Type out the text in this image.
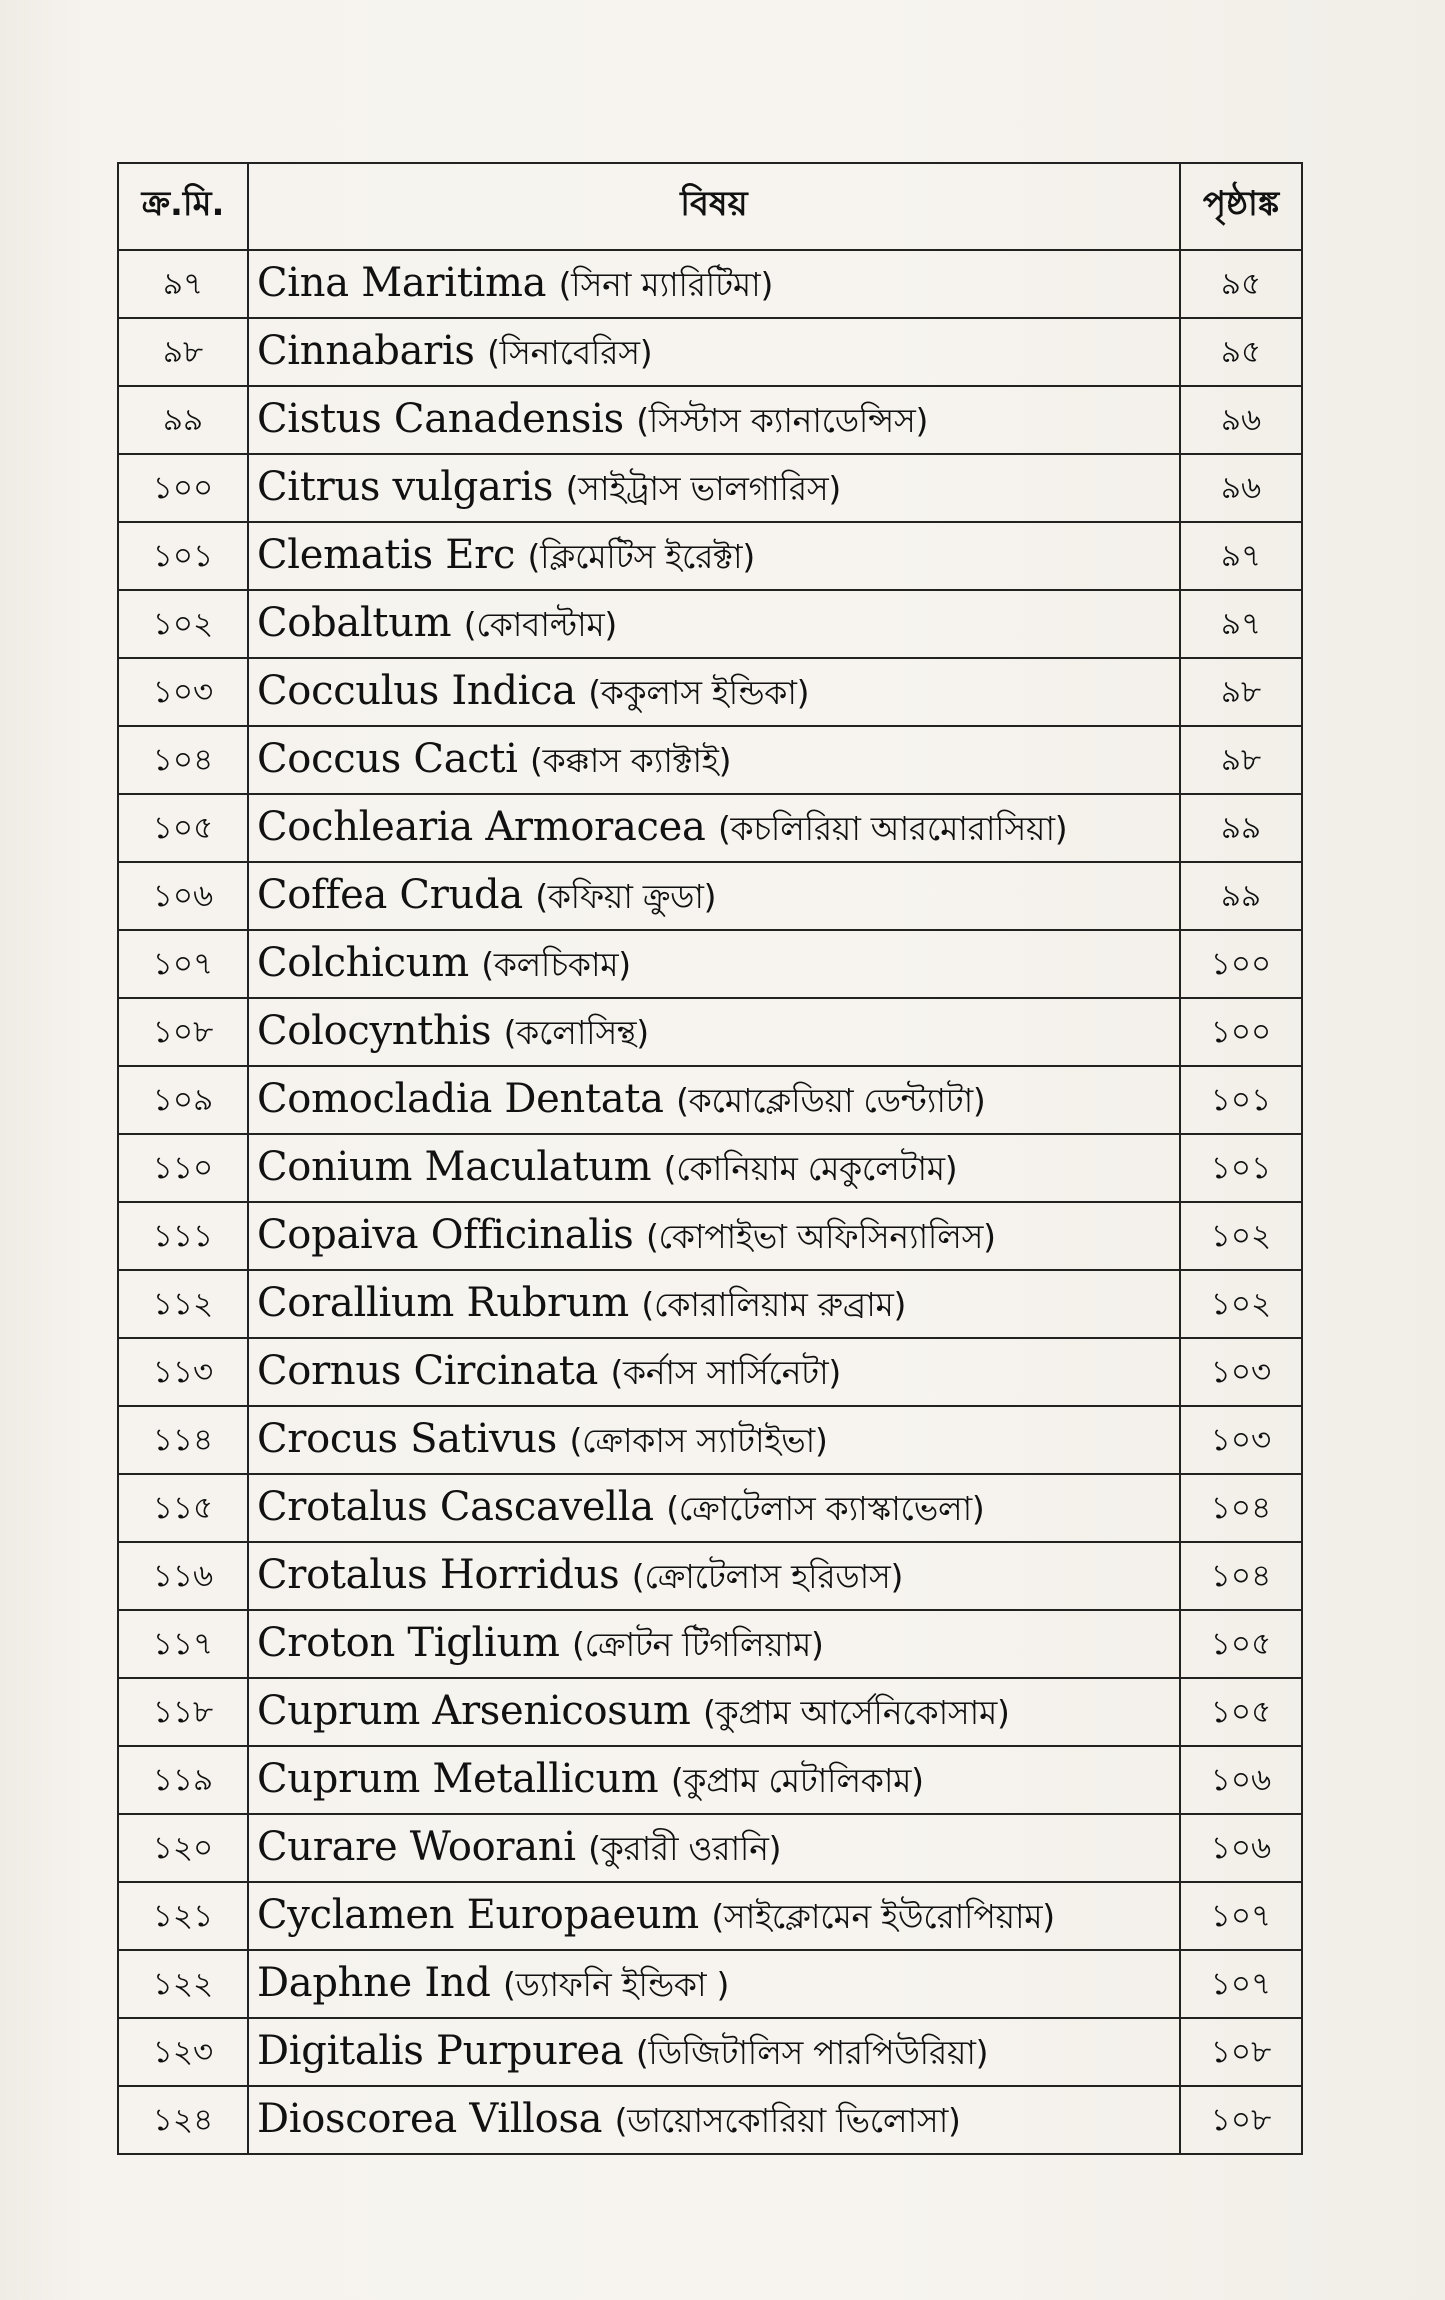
ক্র.মি.	বিষয়	পৃষ্ঠাঙ্ক
৯৭	Cina Maritima (সিনা ম্যারিটিমা)	৯৫
৯৮	Cinnabaris (সিনাবেরিস)	৯৫
৯৯	Cistus Canadensis (সিস্টাস ক্যানাডেন্সিস)	৯৬
১০০	Citrus vulgaris (সাইট্রাস ভালগারিস)	৯৬
১০১	Clematis Erc (ক্লিমেটিস ইরেক্টা)	৯৭
১০২	Cobaltum (কোবাল্টাম)	৯৭
১০৩	Cocculus Indica (ককুলাস ইন্ডিকা)	৯৮
১০৪	Coccus Cacti (কক্কাস ক্যাক্টাই)	৯৮
১০৫	Cochlearia Armoracea (কচলিরিয়া আরমোরাসিয়া)	৯৯
১০৬	Coffea Cruda (কফিয়া ক্রুডা)	৯৯
১০৭	Colchicum (কলচিকাম)	১০০
১০৮	Colocynthis (কলোসিন্থ)	১০০
১০৯	Comocladia Dentata (কমোক্লেডিয়া ডেন্ট্যাটা)	১০১
১১০	Conium Maculatum (কোনিয়াম মেকুলেটাম)	১০১
১১১	Copaiva Officinalis (কোপাইভা অফিসিন্যালিস)	১০২
১১২	Corallium Rubrum (কোরালিয়াম রুব্রাম)	১০২
১১৩	Cornus Circinata (কর্নাস সার্সিনেটা)	১০৩
১১৪	Crocus Sativus (ক্রোকাস স্যাটাইভা)	১০৩
১১৫	Crotalus Cascavella (ক্রোটেলাস ক্যাস্কাভেলা)	১০৪
১১৬	Crotalus Horridus (ক্রোটেলাস হরিডাস)	১০৪
১১৭	Croton Tiglium (ক্রোটন টিগলিয়াম)	১০৫
১১৮	Cuprum Arsenicosum (কুপ্রাম আর্সেনিকোসাম)	১০৫
১১৯	Cuprum Metallicum (কুপ্রাম মেটালিকাম)	১০৬
১২০	Curare Woorani (কুরারী ওরানি)	১০৬
১২১	Cyclamen Europaeum (সাইক্লোমেন ইউরোপিয়াম)	১০৭
১২২	Daphne Ind (ড্যাফনি ইন্ডিকা )	১০৭
১২৩	Digitalis Purpurea (ডিজিটালিস পারপিউরিয়া)	১০৮
১২৪	Dioscorea Villosa (ডায়োসকোরিয়া ভিলোসা)	১০৮
